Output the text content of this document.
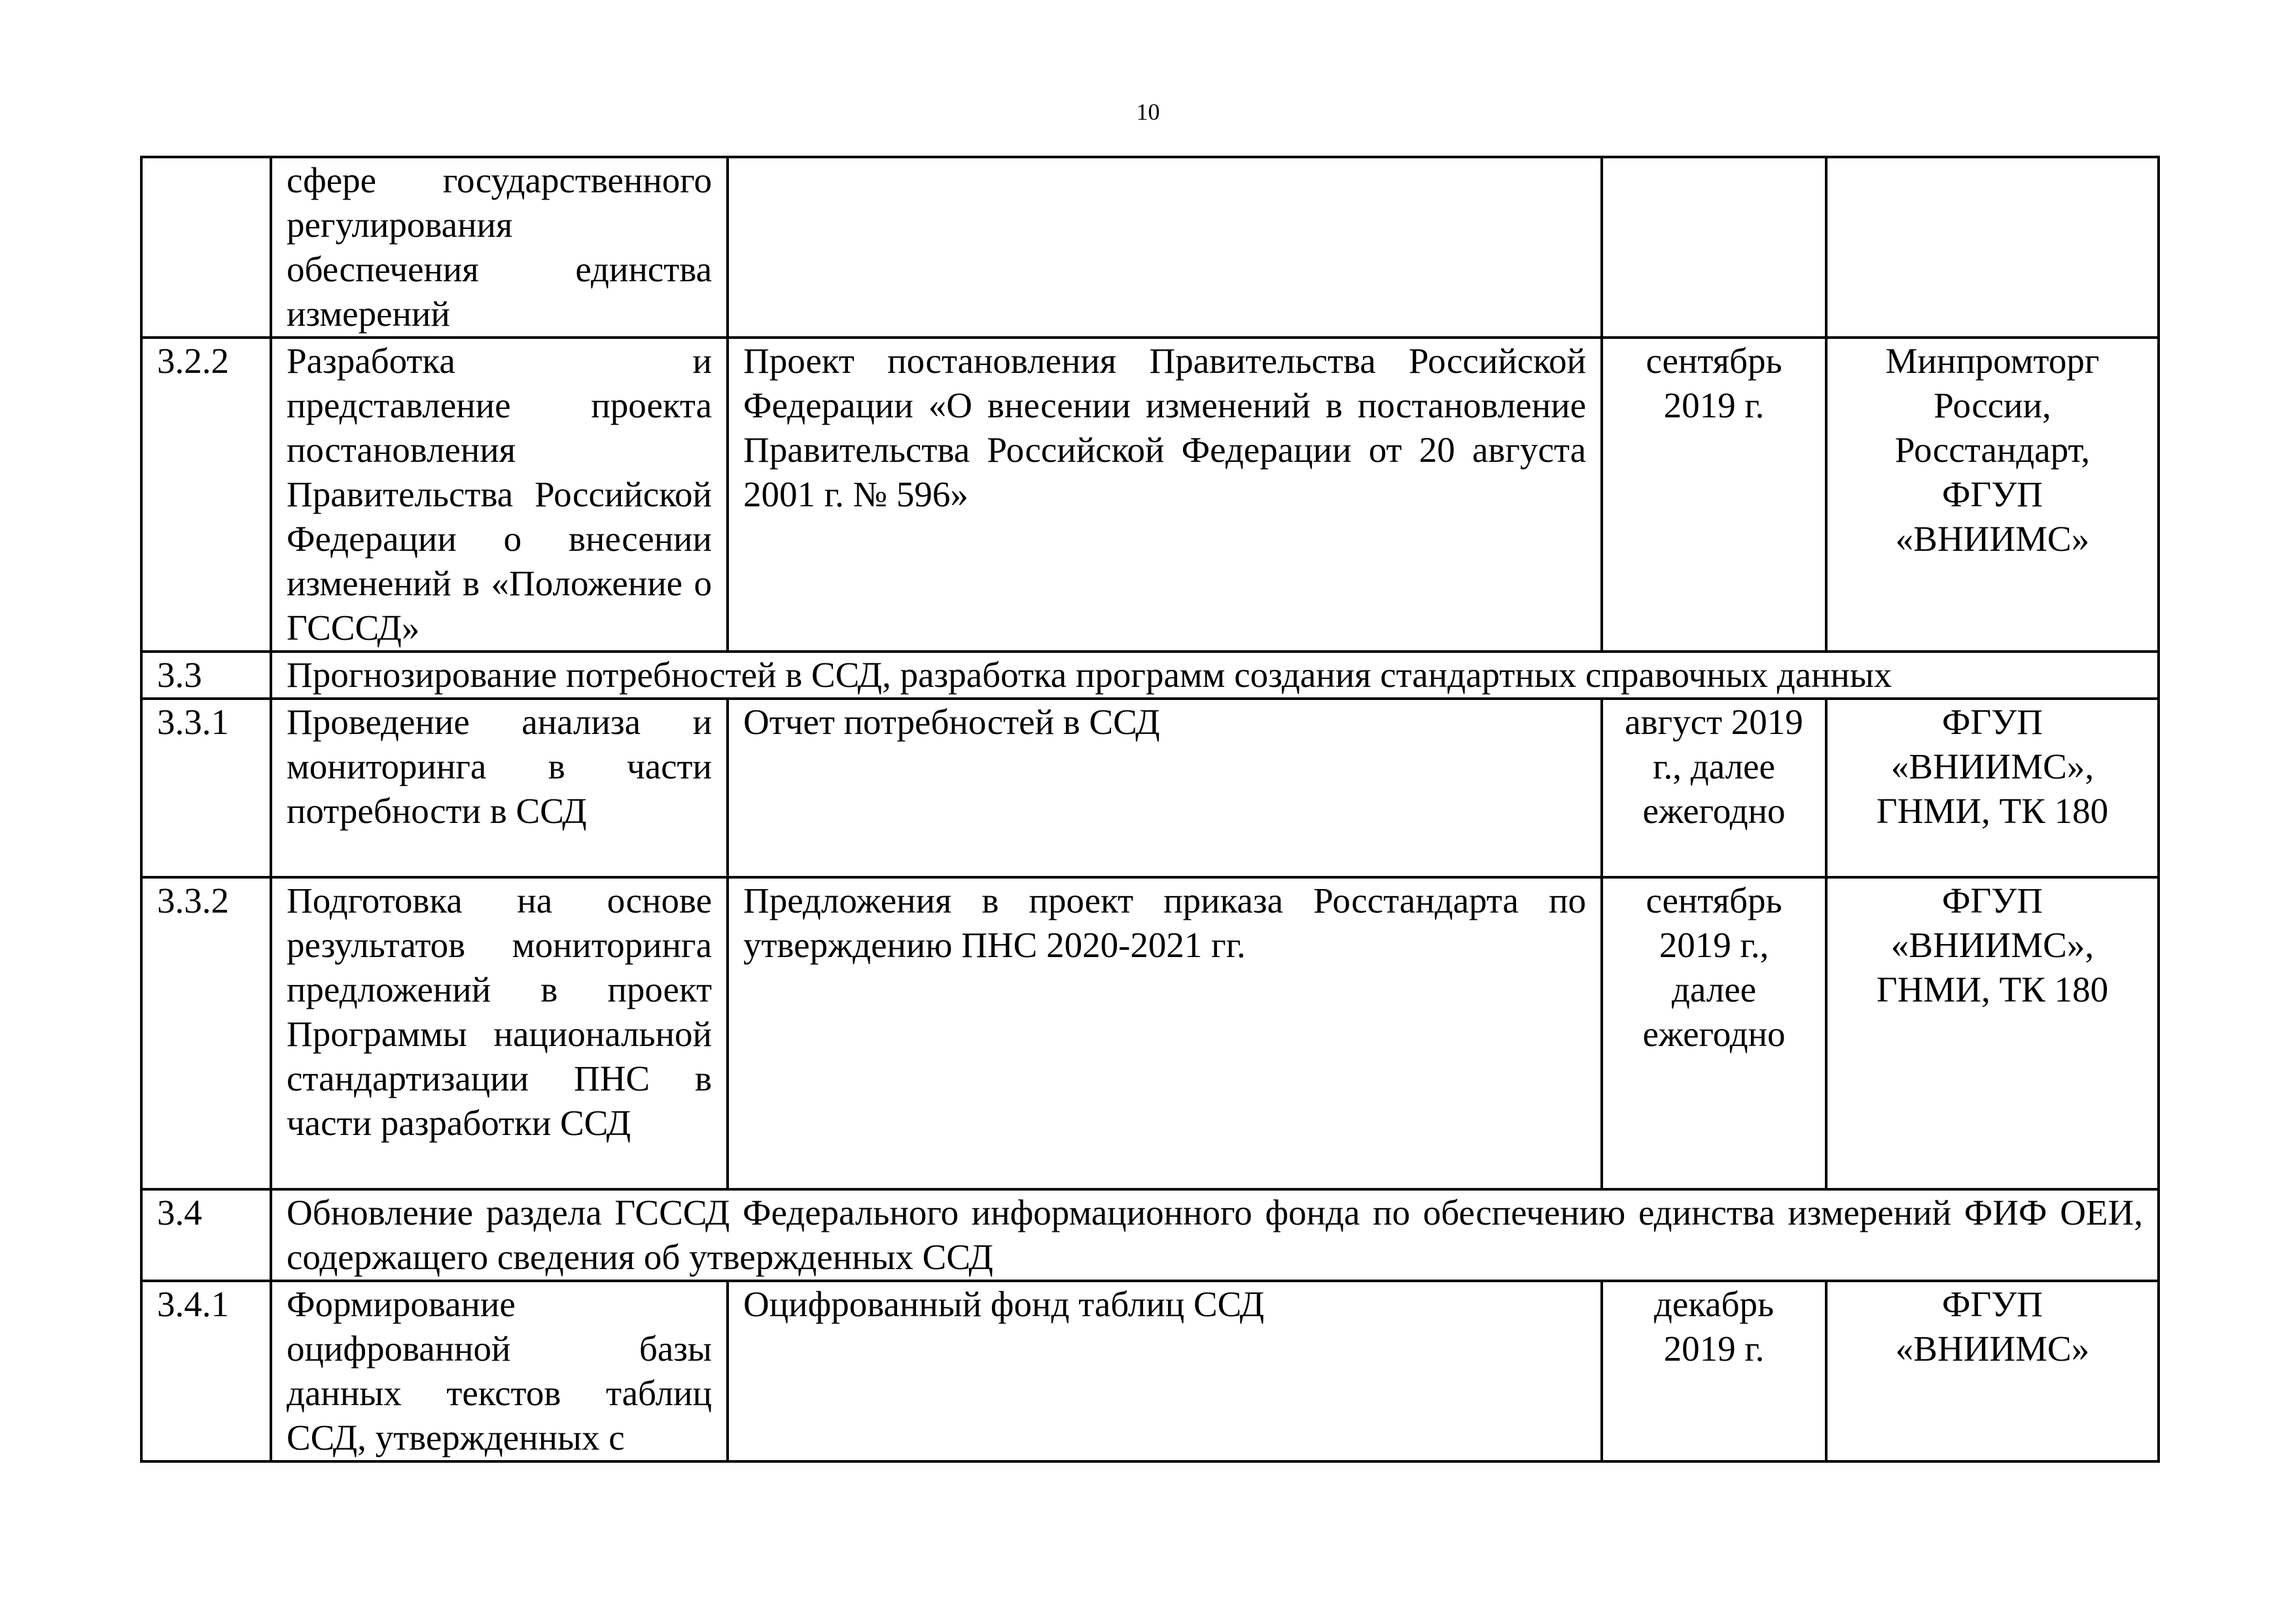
10
	сфере государственного регулирования обеспечения единства измерений			
3.2.2	Разработка и представление проекта постановления Правительства Российской Федерации о внесении изменений в «Положение о ГСССД»	Проект постановления Правительства Российской Федерации «О внесении изменений в постановление Правительства Российской Федерации от 20 августа 2001 г. № 596»	сентябрь 2019 г.	Минпромторг России, Росстандарт, ФГУП «ВНИИМС»
3.3	Прогнозирование потребностей в ССД, разработка программ создания стандартных справочных данных			
3.3.1	Проведение анализа и мониторинга в части потребности в ССД	Отчет потребностей в ССД	август 2019 г., далее ежегодно	ФГУП «ВНИИМС», ГНМИ, ТК 180
3.3.2	Подготовка на основе результатов мониторинга предложений в проект Программы национальной стандартизации ПНС в части разработки ССД	Предложения в проект приказа Росстандарта по утверждению ПНС 2020-2021 гг.	сентябрь 2019 г., далее ежегодно	ФГУП «ВНИИМС», ГНМИ, ТК 180
3.4	Обновление раздела ГСССД Федерального информационного фонда по обеспечению единства измерений ФИФ ОЕИ, содержащего сведения об утвержденных ССД			
3.4.1	Формирование оцифрованной базы данных текстов таблиц ССД, утвержденных с	Оцифрованный фонд таблиц ССД	декабрь 2019 г.	ФГУП «ВНИИМС»
